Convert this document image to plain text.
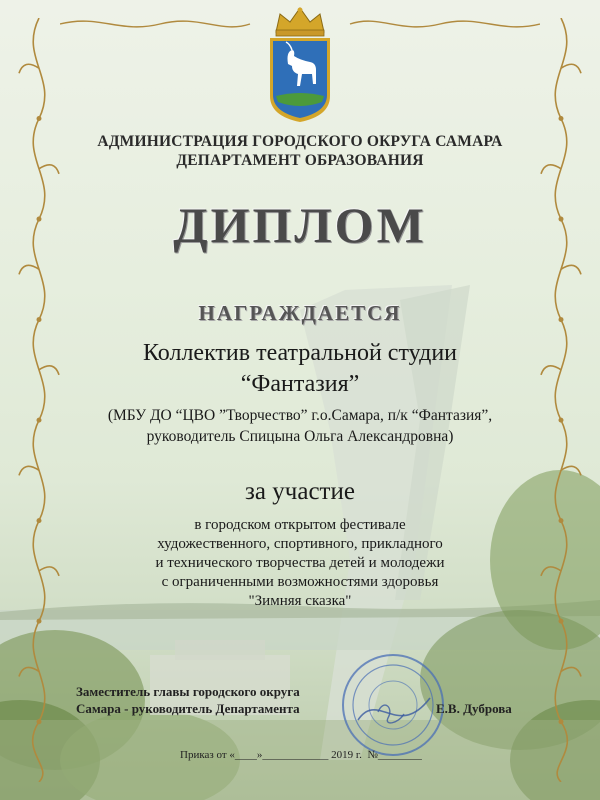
АДМИНИСТРАЦИЯ ГОРОДСКОГО ОКРУГА САМАРА
ДЕПАРТАМЕНТ ОБРАЗОВАНИЯ
ДИПЛОМ
НАГРАЖДАЕТСЯ
Коллектив театральной студии
“Фантазия”
(МБУ ДО “ЦВО ”Творчество” г.о.Самара, п/к “Фантазия”,
руководитель Спицына Ольга Александровна)
за участие
в городском открытом фестивале
художественного, спортивного, прикладного
и технического творчества детей и молодежи
с ограниченными возможностями здоровья
"Зимняя сказка"
Заместитель главы городского округа
Самара - руководитель Департамента	Е.В. Дуброва
Приказ от «____»____________ 2019 г.  №________
